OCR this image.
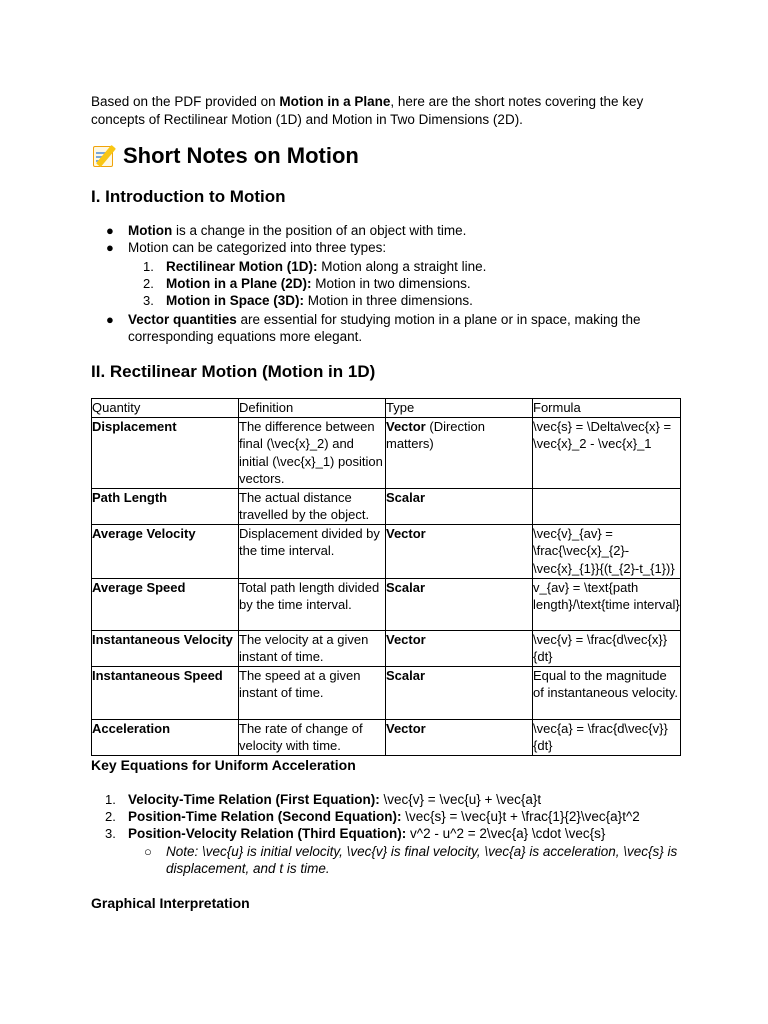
Based on the PDF provided on Motion in a Plane, here are the short notes covering the key concepts of Rectilinear Motion (1D) and Motion in Two Dimensions (2D).
Short Notes on Motion
I. Introduction to Motion
● Motion is a change in the position of an object with time.
● Motion can be categorized into three types:
1. Rectilinear Motion (1D): Motion along a straight line.
2. Motion in a Plane (2D): Motion in two dimensions.
3. Motion in Space (3D): Motion in three dimensions.
● Vector quantities are essential for studying motion in a plane or in space, making the corresponding equations more elegant.
II. Rectilinear Motion (Motion in 1D)
Quantity	Definition	Type	Formula
Displacement	The difference between final (\vec{x}_2) and initial (\vec{x}_1) position vectors.	Vector (Direction matters)	\vec{s} = \Delta\vec{x} = \vec{x}_2 - \vec{x}_1
Path Length	The actual distance travelled by the object.	Scalar	
Average Velocity	Displacement divided by the time interval.	Vector	\vec{v}_{av} = \frac{\vec{x}_{2}-\vec{x}_{1}}{(t_{2}-t_{1})}
Average Speed	Total path length divided by the time interval.	Scalar	v_{av} = \text{path length}/\text{time interval}
Instantaneous Velocity	The velocity at a given instant of time.	Vector	\vec{v} = \frac{d\vec{x}}{dt}
Instantaneous Speed	The speed at a given instant of time.	Scalar	Equal to the magnitude of instantaneous velocity.
Acceleration	The rate of change of velocity with time.	Vector	\vec{a} = \frac{d\vec{v}}{dt}
Key Equations for Uniform Acceleration
1. Velocity-Time Relation (First Equation): \vec{v} = \vec{u} + \vec{a}t
2. Position-Time Relation (Second Equation): \vec{s} = \vec{u}t + \frac{1}{2}\vec{a}t^2
3. Position-Velocity Relation (Third Equation): v^2 - u^2 = 2\vec{a} \cdot \vec{s}
○ Note: \vec{u} is initial velocity, \vec{v} is final velocity, \vec{a} is acceleration, \vec{s} is displacement, and t is time.
Graphical Interpretation
